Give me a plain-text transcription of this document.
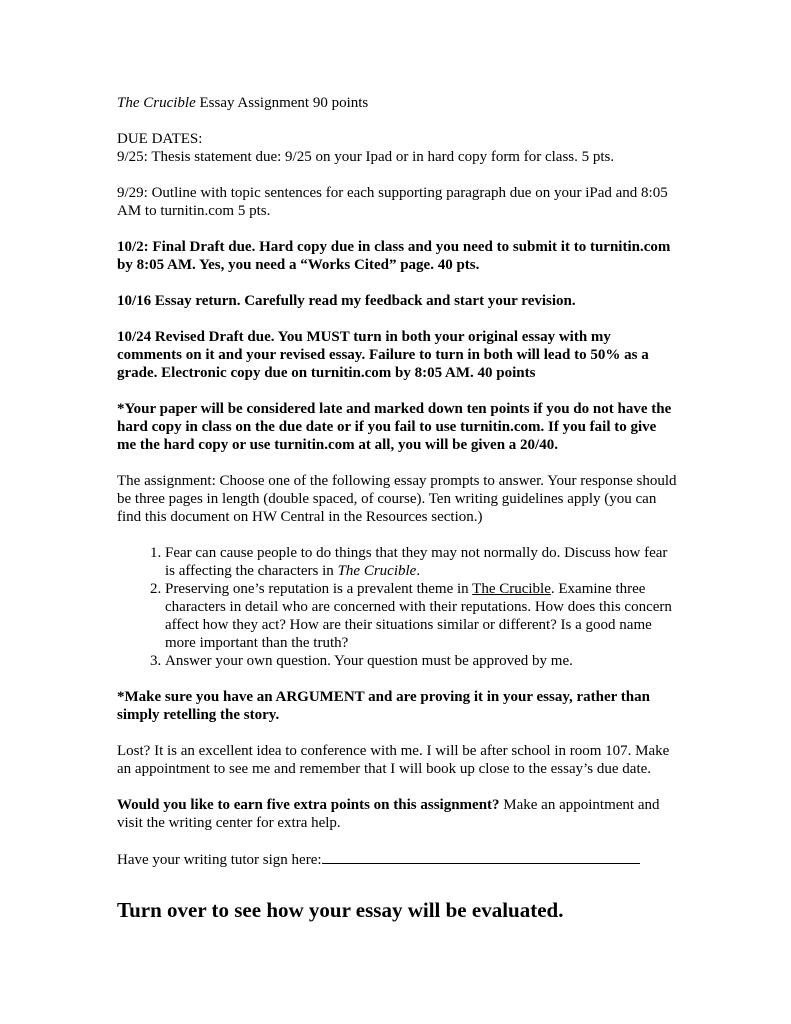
The Crucible Essay Assignment 90 points

DUE DATES:

9/25: Thesis statement due: 9/25 on your Ipad or in hard copy form for class. 5 pts.

9/29: Outline with topic sentences for each supporting paragraph due on your iPad and 8:05 AM to turnitin.com 5 pts.

10/2: Final Draft due. Hard copy due in class and you need to submit it to turnitin.com by 8:05 AM. Yes, you need a “Works Cited” page. 40 pts.

10/16 Essay return. Carefully read my feedback and start your revision.

10/24 Revised Draft due. You MUST turn in both your original essay with my comments on it and your revised essay. Failure to turn in both will lead to 50% as a grade. Electronic copy due on turnitin.com by 8:05 AM. 40 points

*Your paper will be considered late and marked down ten points if you do not have the hard copy in class on the due date or if you fail to use turnitin.com. If you fail to give me the hard copy or use turnitin.com at all, you will be given a 20/40.

The assignment: Choose one of the following essay prompts to answer. Your response should be three pages in length (double spaced, of course). Ten writing guidelines apply (you can find this document on HW Central in the Resources section.)

1. Fear can cause people to do things that they may not normally do. Discuss how fear is affecting the characters in The Crucible.
2. Preserving one’s reputation is a prevalent theme in The Crucible. Examine three characters in detail who are concerned with their reputations. How does this concern affect how they act? How are their situations similar or different? Is a good name more important than the truth?
3. Answer your own question. Your question must be approved by me.

*Make sure you have an ARGUMENT and are proving it in your essay, rather than simply retelling the story.

Lost? It is an excellent idea to conference with me. I will be after school in room 107. Make an appointment to see me and remember that I will book up close to the essay’s due date.

Would you like to earn five extra points on this assignment? Make an appointment and visit the writing center for extra help.

Have your writing tutor sign here:

Turn over to see how your essay will be evaluated.
